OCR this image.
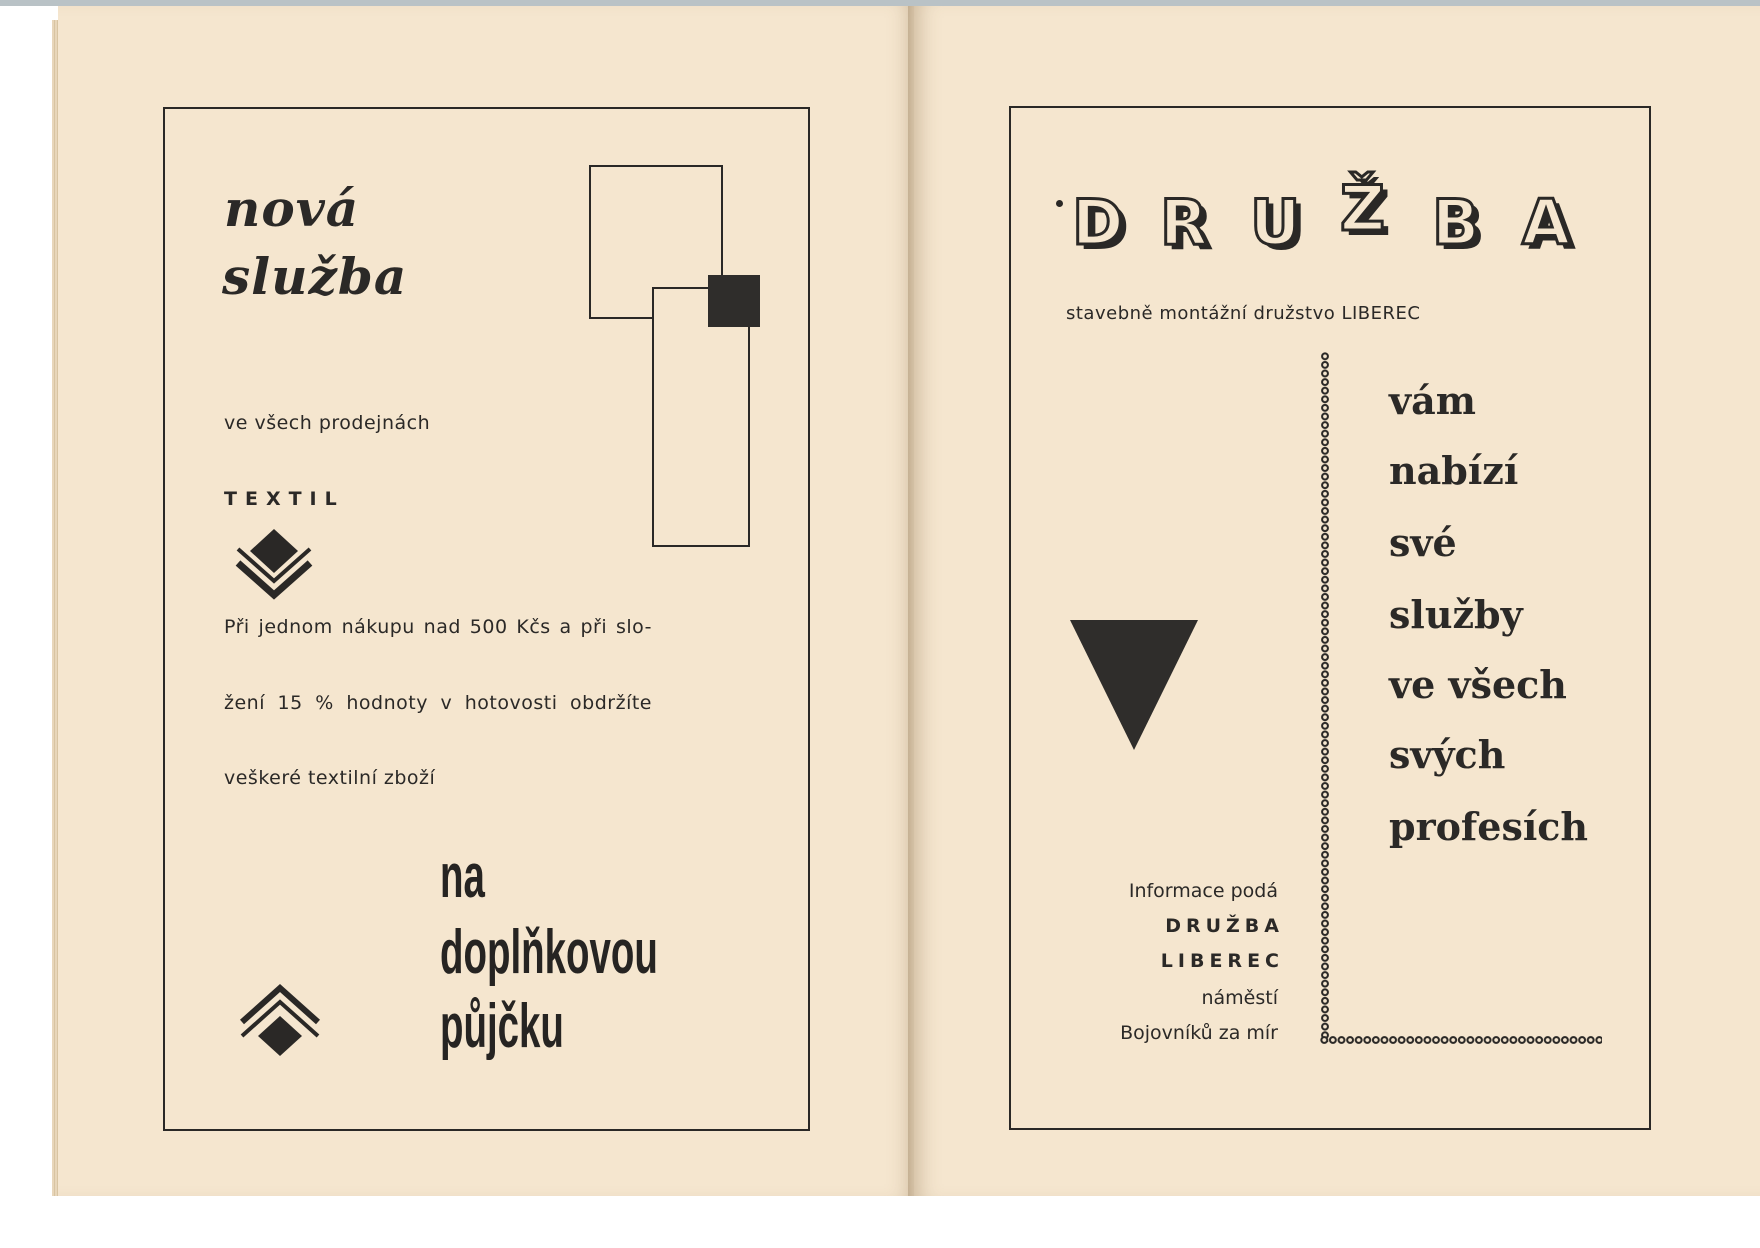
nová
služba
ve všech prodejnách
TEXTIL
Při jednom nákupu nad 500 Kčs a při slo-
žení 15 % hodnoty v hotovosti obdržíte
veškeré textilní zboží
na
doplňkovou
půjčku
D R U Ž B A
stavebně montážní družstvo LIBEREC
vám
nabízí
své
služby
ve všech
svých
profesích
Informace podá
DRUŽBA
LIBEREC
náměstí
Bojovníků za mír
